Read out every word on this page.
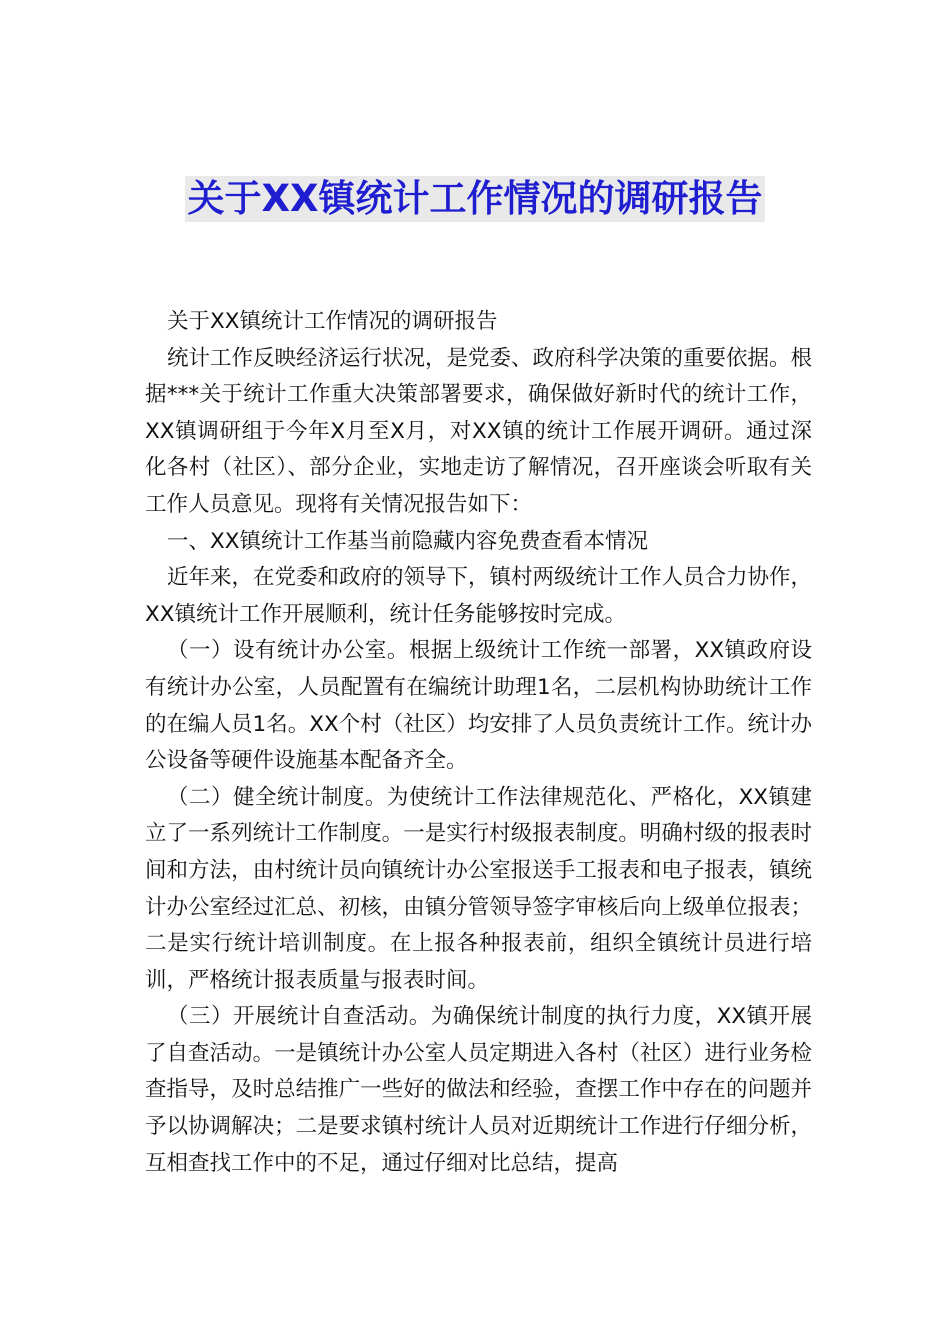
关于XX镇统计工作情况的调研报告

关于XX镇统计工作情况的调研报告

统计工作反映经济运行状况，是党委、政府科学决策的重要依据。根据***关于统计工作重大决策部署要求，确保做好新时代的统计工作，XX镇调研组于今年X月至X月，对XX镇的统计工作展开调研。通过深化各村（社区）、部分企业，实地走访了解情况，召开座谈会听取有关工作人员意见。现将有关情况报告如下：

一、XX镇统计工作基当前隐藏内容免费查看本情况

近年来，在党委和政府的领导下，镇村两级统计工作人员合力协作，XX镇统计工作开展顺利，统计任务能够按时完成。

（一）设有统计办公室。根据上级统计工作统一部署，XX镇政府设有统计办公室，人员配置有在编统计助理1名，二层机构协助统计工作的在编人员1名。XX个村（社区）均安排了人员负责统计工作。统计办公设备等硬件设施基本配备齐全。

（二）健全统计制度。为使统计工作法律规范化、严格化，XX镇建立了一系列统计工作制度。一是实行村级报表制度。明确村级的报表时间和方法，由村统计员向镇统计办公室报送手工报表和电子报表，镇统计办公室经过汇总、初核，由镇分管领导签字审核后向上级单位报表；二是实行统计培训制度。在上报各种报表前，组织全镇统计员进行培训，严格统计报表质量与报表时间。

（三）开展统计自查活动。为确保统计制度的执行力度，XX镇开展了自查活动。一是镇统计办公室人员定期进入各村（社区）进行业务检查指导，及时总结推广一些好的做法和经验，查摆工作中存在的问题并予以协调解决；二是要求镇村统计人员对近期统计工作进行仔细分析，互相查找工作中的不足，通过仔细对比总结，提高
